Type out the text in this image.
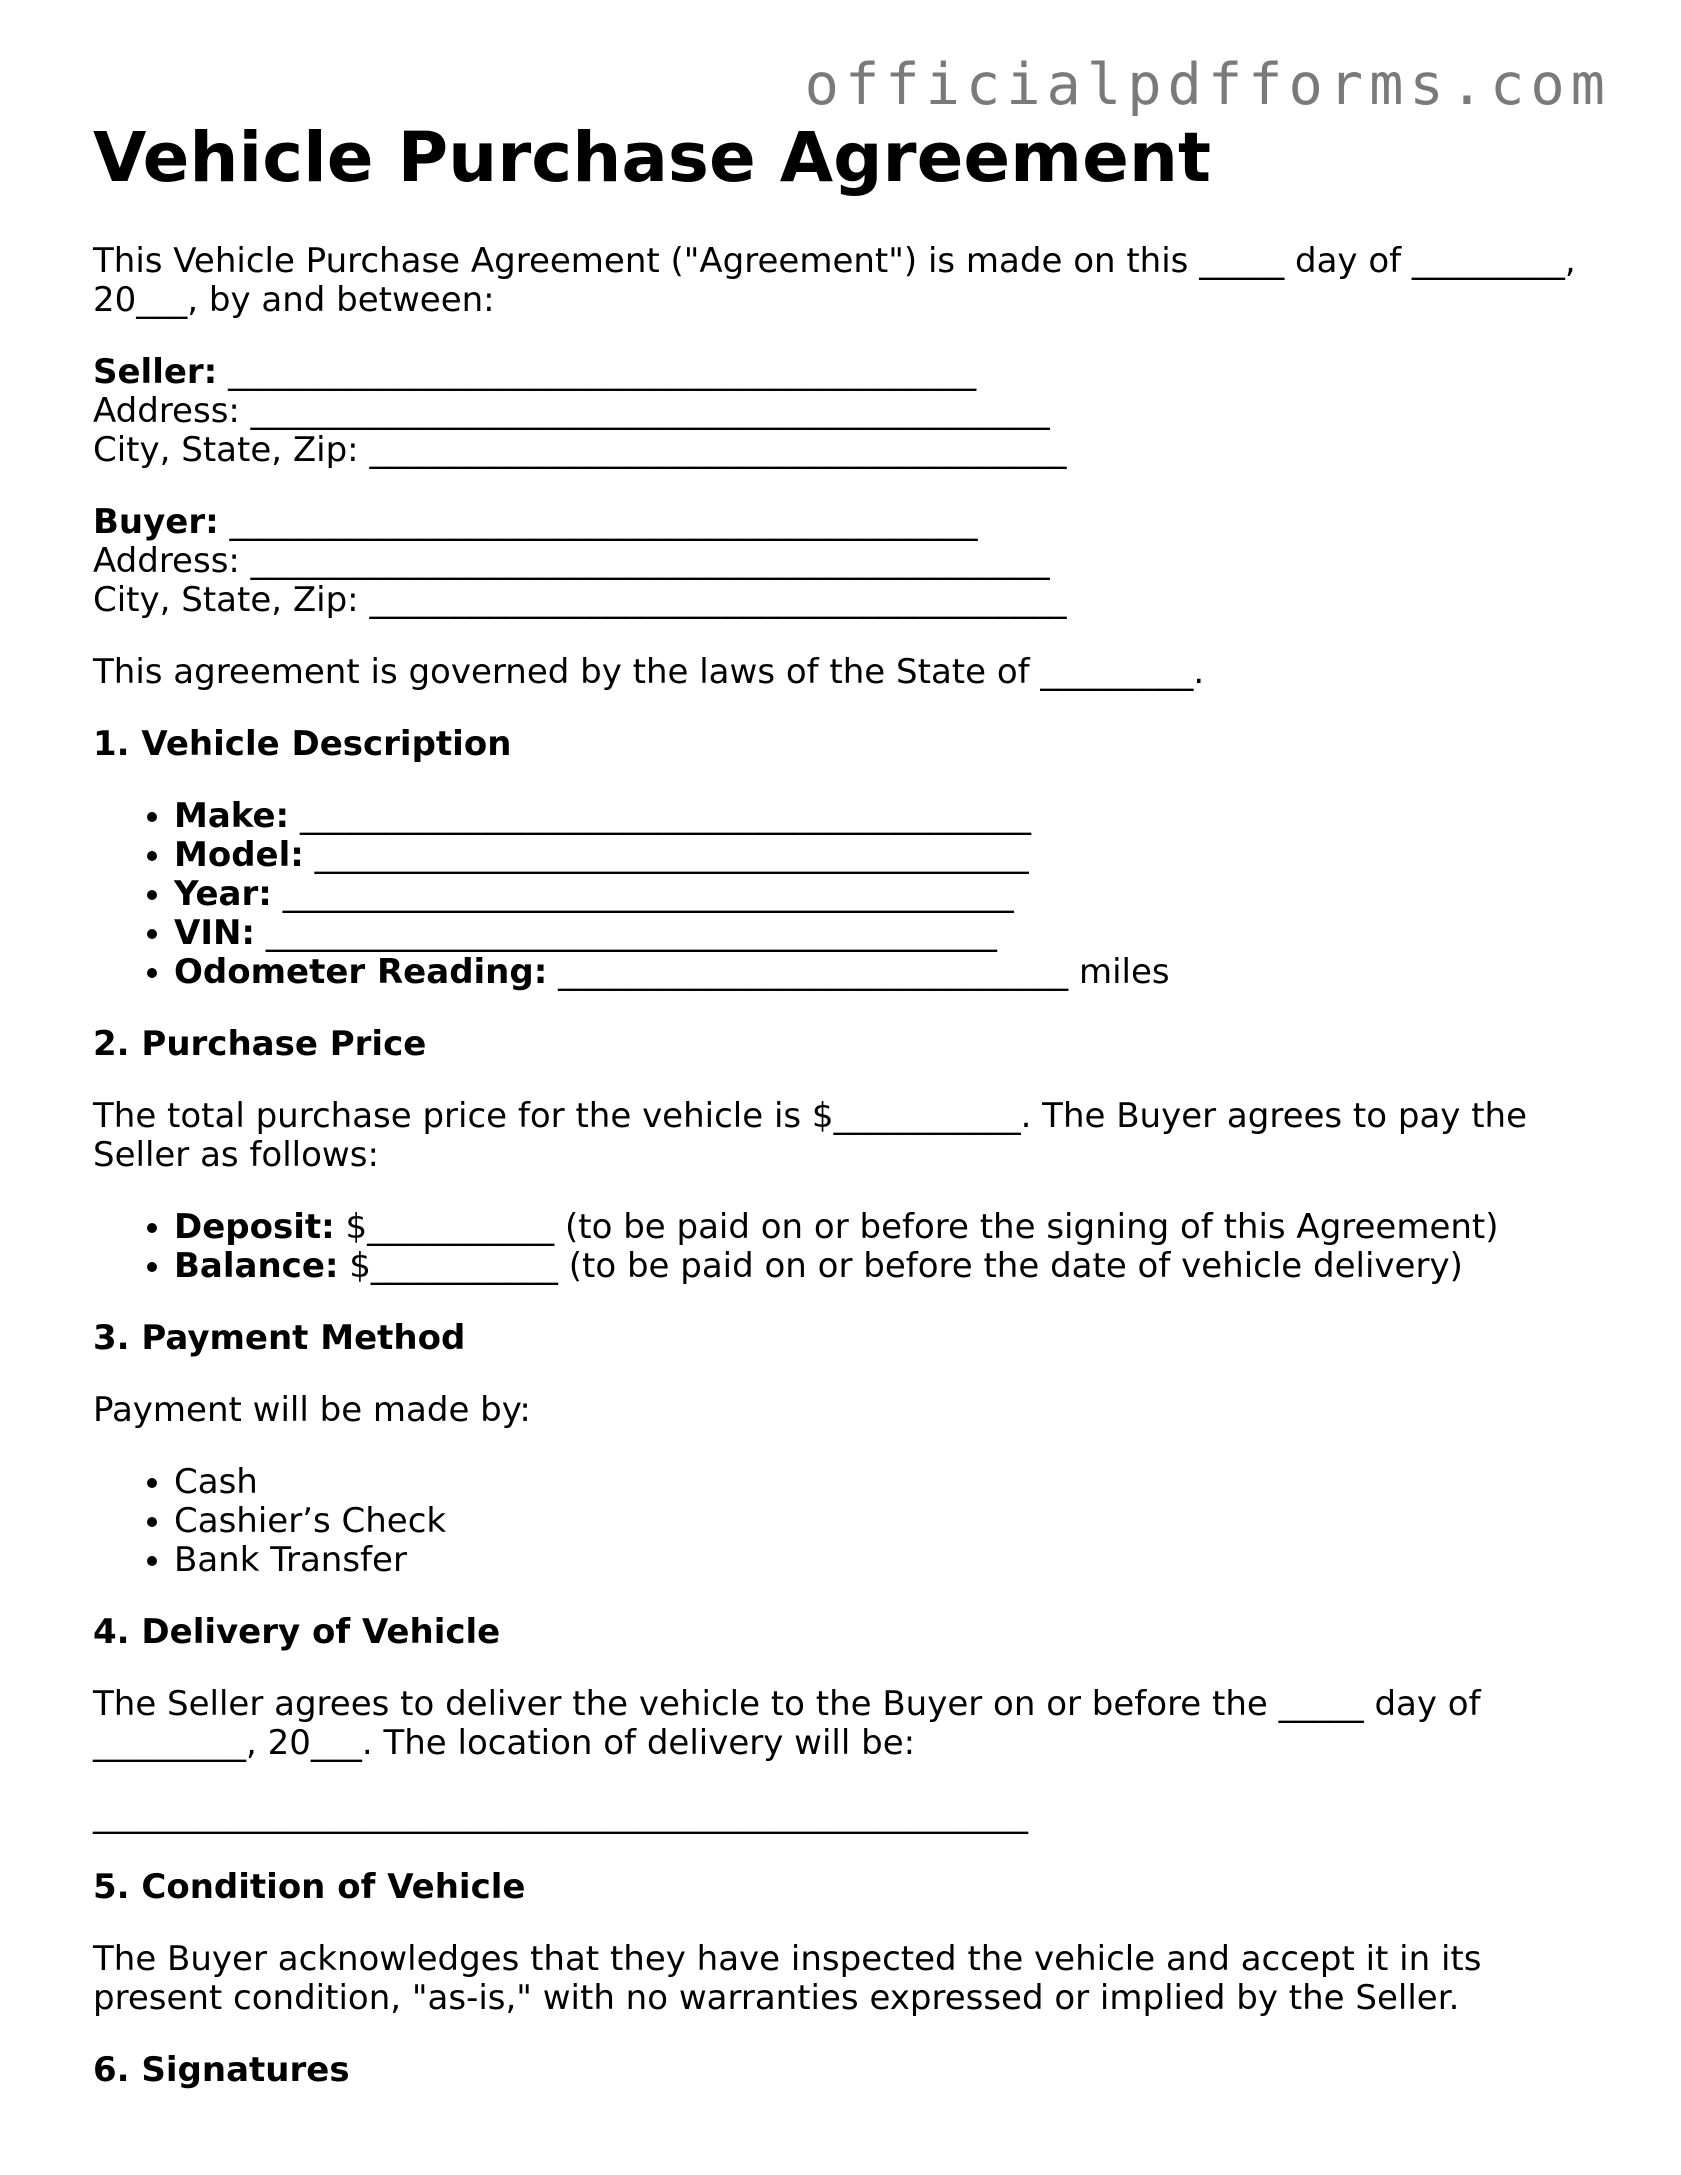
officialpdfforms.com
Vehicle Purchase Agreement

This Vehicle Purchase Agreement ("Agreement") is made on this _____ day of _________, 20___, by and between:

Seller: ____________________________________________
Address: _______________________________________________
City, State, Zip: _________________________________________
Buyer: ____________________________________________
Address: _______________________________________________
City, State, Zip: _________________________________________

This agreement is governed by the laws of the State of _________.

1. Vehicle Description
• Make: ___________________________________________
• Model: __________________________________________
• Year: ___________________________________________
• VIN: ___________________________________________
• Odometer Reading: ______________________________ miles
2. Purchase Price

The total purchase price for the vehicle is $___________. The Buyer agrees to pay the Seller as follows:

• Deposit: $___________ (to be paid on or before the signing of this Agreement)
• Balance: $___________ (to be paid on or before the date of vehicle delivery)
3. Payment Method

Payment will be made by:

• Cash
• Cashier’s Check
• Bank Transfer
4. Delivery of Vehicle

The Seller agrees to deliver the vehicle to the Buyer on or before the _____ day of _________, 20___. The location of delivery will be:

_______________________________________________________

5. Condition of Vehicle

The Buyer acknowledges that they have inspected the vehicle and accept it in its present condition, "as-is," with no warranties expressed or implied by the Seller.

6. Signatures
